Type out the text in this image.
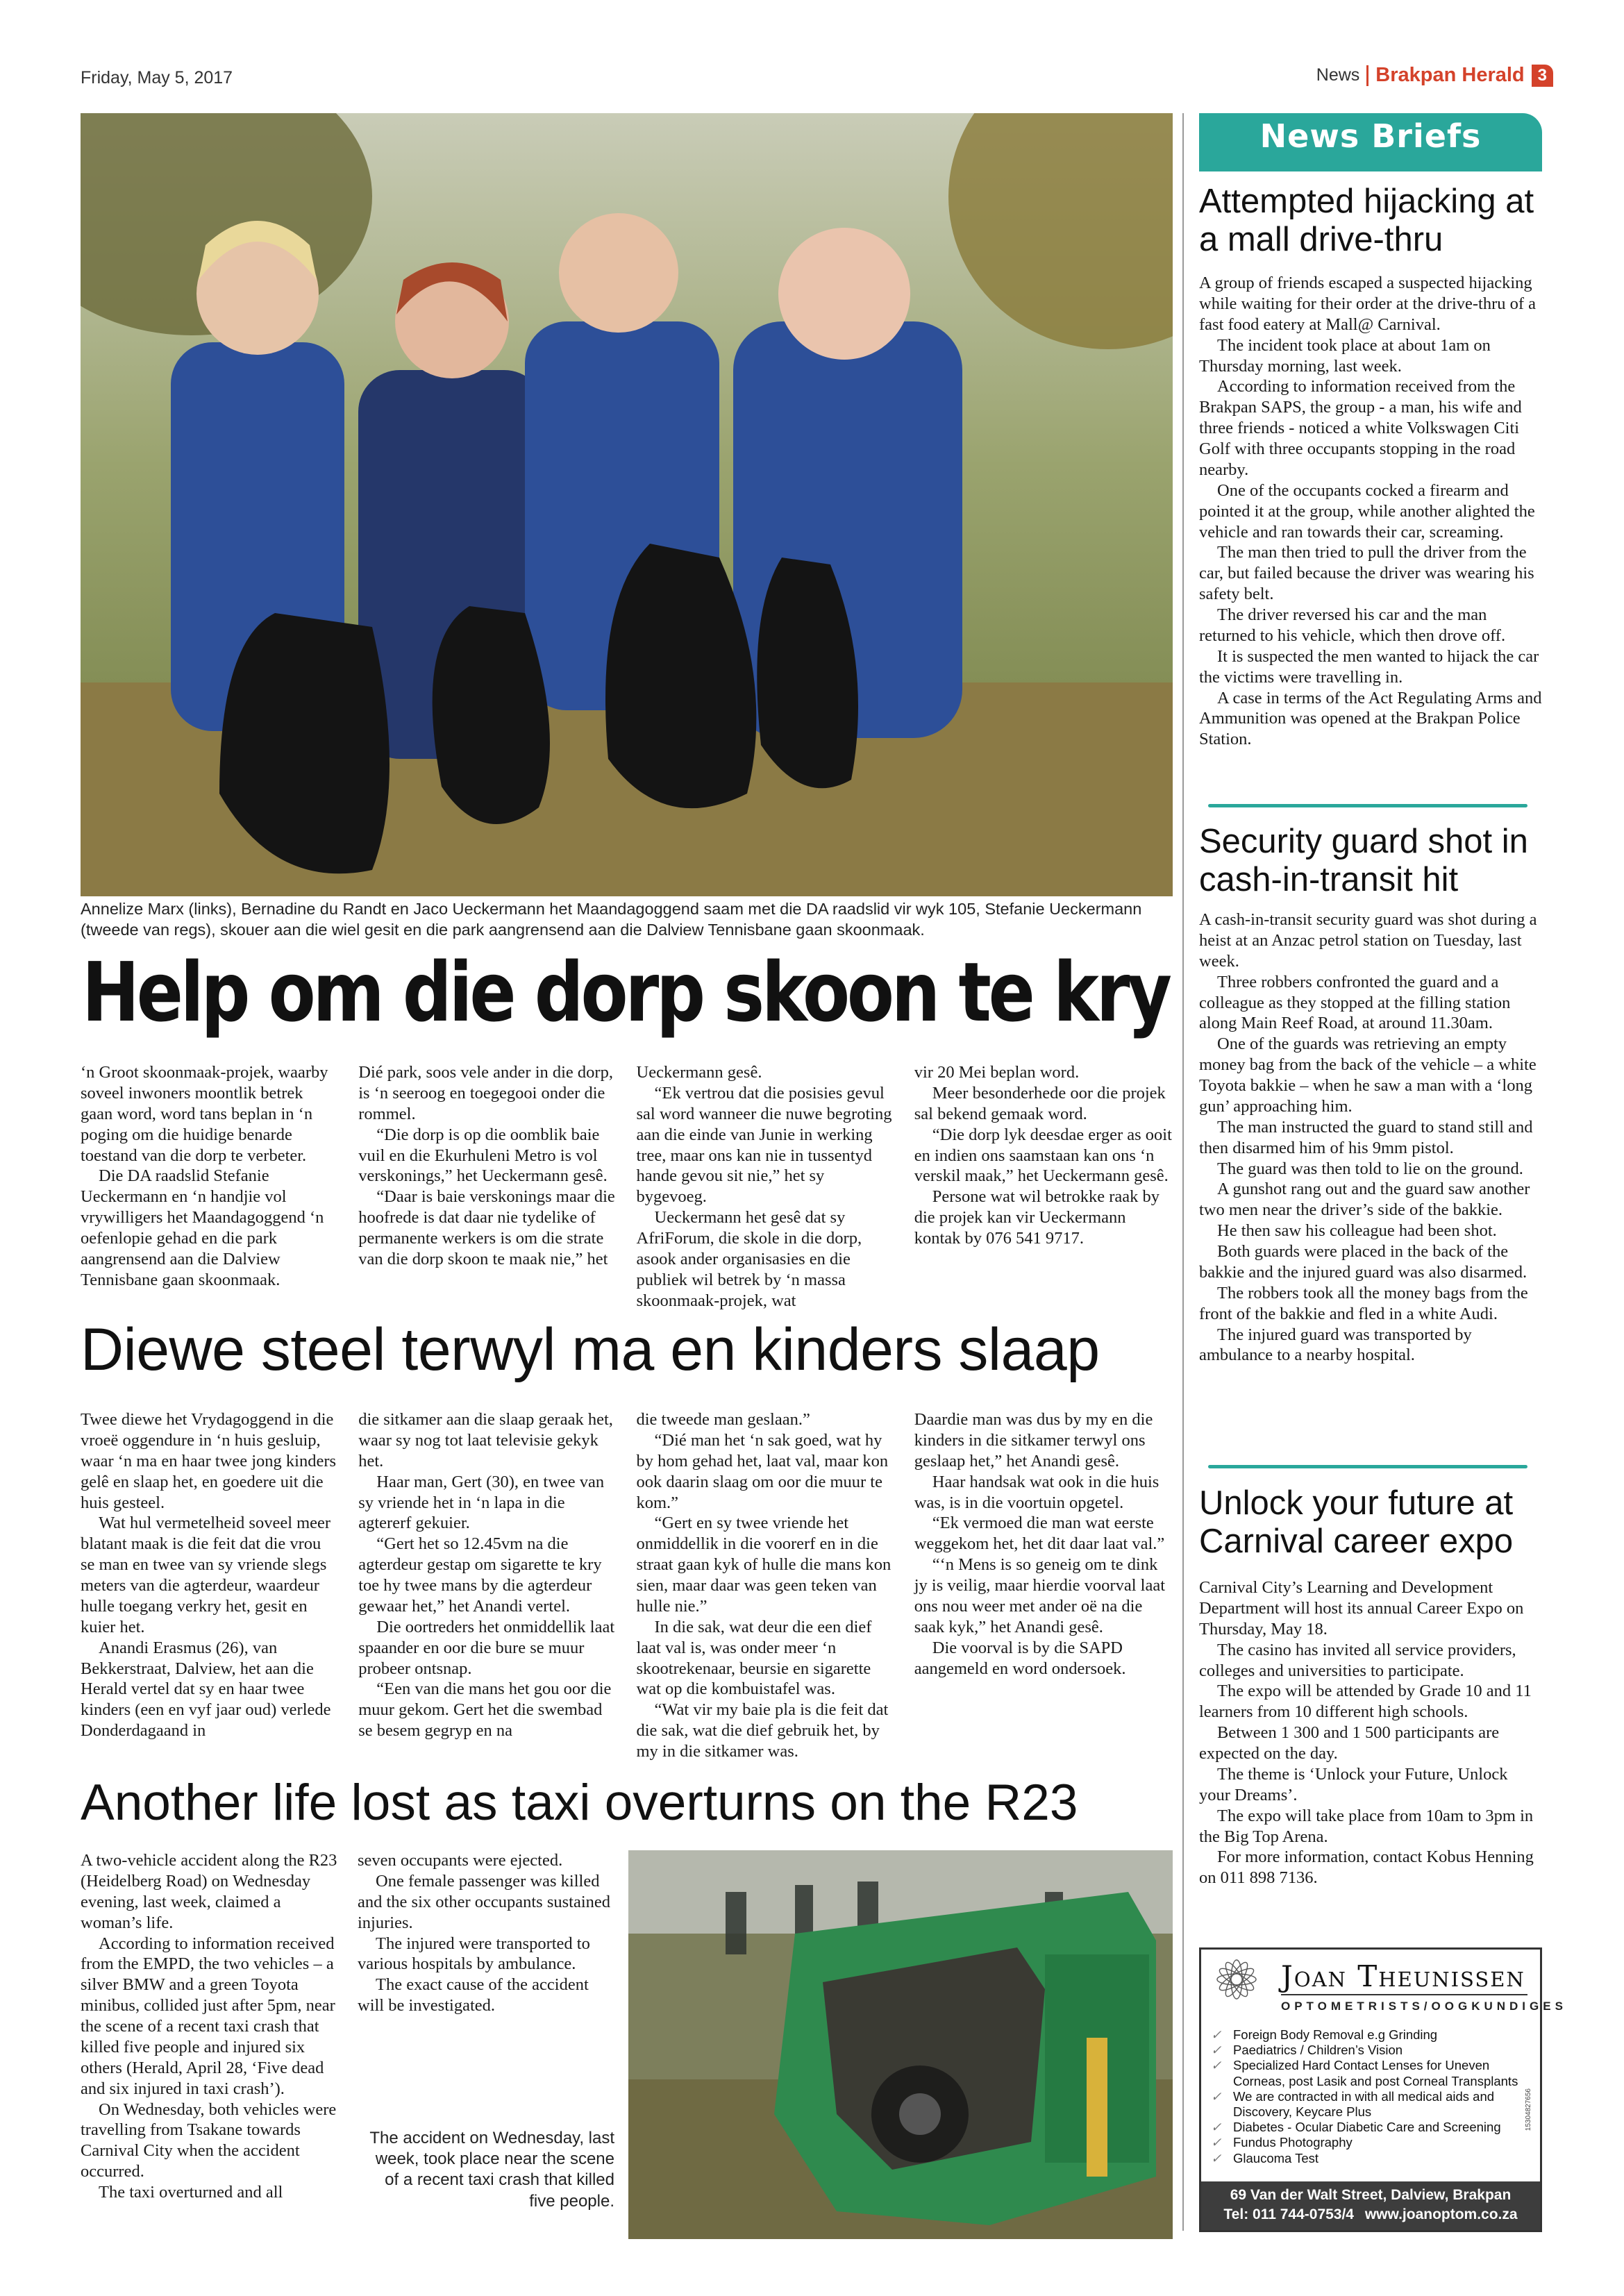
Friday, May 5, 2017	News Brakpan Herald 3
Annelize Marx (links), Bernadine du Randt en Jaco Ueckermann het Maandagoggend saam met die DA raadslid vir wyk 105, Stefanie Ueckermann (tweede van regs), skouer aan die wiel gesit en die park aangrensend aan die Dalview Tennisbane gaan skoonmaak.
Help om die dorp skoon te kry

‘n Groot skoonmaak-projek, waarby soveel inwoners moontlik betrek gaan word, word tans beplan in ‘n poging om die huidige benarde toestand van die dorp te verbeter.

Die DA raadslid Stefanie Ueckermann en ‘n handjie vol vrywilligers het Maandagoggend ‘n oefenlopie gehad en die park aangrensend aan die Dalview Tennisbane gaan skoonmaak.

Dié park, soos vele ander in die dorp, is ‘n seeroog en toegegooi onder die rommel.

“Die dorp is op die oomblik baie vuil en die Ekurhuleni Metro is vol verskonings,” het Ueckermann gesê.

“Daar is baie verskonings maar die hoofrede is dat daar nie tydelike of permanente werkers is om die strate van die dorp skoon te maak nie,” het

Ueckermann gesê.

“Ek vertrou dat die posisies gevul sal word wanneer die nuwe begroting aan die einde van Junie in werking tree, maar ons kan nie in tussentyd hande gevou sit nie,” het sy bygevoeg.

Ueckermann het gesê dat sy AfriForum, die skole in die dorp, asook ander organisasies en die publiek wil betrek by ‘n massa skoonmaak-projek, wat

vir 20 Mei beplan word.

Meer besonderhede oor die projek sal bekend gemaak word.

“Die dorp lyk deesdae erger as ooit en indien ons saamstaan kan ons ‘n verskil maak,” het Ueckermann gesê.

Persone wat wil betrokke raak by die projek kan vir Ueckermann kontak by 076 541 9717.

Diewe steel terwyl ma en kinders slaap

Twee diewe het Vrydagoggend in die vroeë oggendure in ‘n huis gesluip, waar ‘n ma en haar twee jong kinders gelê en slaap het, en goedere uit die huis gesteel.

Wat hul vermetelheid soveel meer blatant maak is die feit dat die vrou se man en twee van sy vriende slegs meters van die agterdeur, waardeur hulle toegang verkry het, gesit en kuier het.

Anandi Erasmus (26), van Bekkerstraat, Dalview, het aan die Herald vertel dat sy en haar twee kinders (een en vyf jaar oud) verlede Donderdagaand in

die sitkamer aan die slaap geraak het, waar sy nog tot laat televisie gekyk het.

Haar man, Gert (30), en twee van sy vriende het in ‘n lapa in die agtererf gekuier.

“Gert het so 12.45vm na die agterdeur gestap om sigarette te kry toe hy twee mans by die agterdeur gewaar het,” het Anandi vertel.

Die oortreders het onmiddellik laat spaander en oor die bure se muur probeer ontsnap.

“Een van die mans het gou oor die muur gekom. Gert het die swembad se besem gegryp en na

die tweede man geslaan.”

“Dié man het ‘n sak goed, wat hy by hom gehad het, laat val, maar kon ook daarin slaag om oor die muur te kom.”

“Gert en sy twee vriende het onmiddellik in die voorerf en in die straat gaan kyk of hulle die mans kon sien, maar daar was geen teken van hulle nie.”

In die sak, wat deur die een dief laat val is, was onder meer ‘n skootrekenaar, beursie en sigarette wat op die kombuistafel was.

“Wat vir my baie pla is die feit dat die sak, wat die dief gebruik het, by my in die sitkamer was.

Daardie man was dus by my en die kinders in die sitkamer terwyl ons geslaap het,” het Anandi gesê.

Haar handsak wat ook in die huis was, is in die voortuin opgetel.

“Ek vermoed die man wat eerste weggekom het, het dit daar laat val.”

“‘n Mens is so geneig om te dink jy is veilig, maar hierdie voorval laat ons nou weer met ander oë na die saak kyk,” het Anandi gesê.

Die voorval is by die SAPD aangemeld en word ondersoek.

Another life lost as taxi overturns on the R23

A two-vehicle accident along the R23 (Heidelberg Road) on Wednesday evening, last week, claimed a woman’s life.

According to information received from the EMPD, the two vehicles – a silver BMW and a green Toyota minibus, collided just after 5pm, near the scene of a recent taxi crash that killed five people and injured six others (Herald, April 28, ‘Five dead and six injured in taxi crash’).

On Wednesday, both vehicles were travelling from Tsakane towards Carnival City when the accident occurred.

The taxi overturned and all

seven occupants were ejected.

One female passenger was killed and the six other occupants sustained injuries.

The injured were transported to various hospitals by ambulance.

The exact cause of the accident will be investigated.

The accident on Wednesday, last week, took place near the scene of a recent taxi crash that killed five people.
News Briefs
Attempted hijacking at a mall drive-thru

A group of friends escaped a suspected hijacking while waiting for their order at the drive-thru of a fast food eatery at Mall@ Carnival.

The incident took place at about 1am on Thursday morning, last week.

According to information received from the Brakpan SAPS, the group - a man, his wife and three friends - noticed a white Volkswagen Citi Golf with three occupants stopping in the road nearby.

One of the occupants cocked a firearm and pointed it at the group, while another alighted the vehicle and ran towards their car, screaming.

The man then tried to pull the driver from the car, but failed because the driver was wearing his safety belt.

The driver reversed his car and the man returned to his vehicle, which then drove off.

It is suspected the men wanted to hijack the car the victims were travelling in.

A case in terms of the Act Regulating Arms and Ammunition was opened at the Brakpan Police Station.

Security guard shot in cash-in-transit hit

A cash-in-transit security guard was shot during a heist at an Anzac petrol station on Tuesday, last week.

Three robbers confronted the guard and a colleague as they stopped at the filling station along Main Reef Road, at around 11.30am.

One of the guards was retrieving an empty money bag from the back of the vehicle – a white Toyota bakkie – when he saw a man with a ‘long gun’ approaching him.

The man instructed the guard to stand still and then disarmed him of his 9mm pistol.

The guard was then told to lie on the ground.

A gunshot rang out and the guard saw another two men near the driver’s side of the bakkie.

He then saw his colleague had been shot.

Both guards were placed in the back of the bakkie and the injured guard was also disarmed.

The robbers took all the money bags from the front of the bakkie and fled in a white Audi.

The injured guard was transported by ambulance to a nearby hospital.

Unlock your future at Carnival career expo

Carnival City’s Learning and Development Department will host its annual Career Expo on Thursday, May 18.

The casino has invited all service providers, colleges and universities to participate.

The expo will be attended by Grade 10 and 11 learners from 10 different high schools.

Between 1 300 and 1 500 participants are expected on the day.

The theme is ‘Unlock your Future, Unlock your Dreams’.

The expo will take place from 10am to 3pm in the Big Top Arena.

For more information, contact Kobus Henning on 011 898 7136.

Joan Theunissen
OPTOMETRISTS/OOGKUNDIGES
✓ Foreign Body Removal e.g Grinding
✓ Paediatrics / Children’s Vision
✓ Specialized Hard Contact Lenses for Uneven Corneas, post Lasik and post Corneal Transplants
✓ We are contracted in with all medical aids and Discovery, Keycare Plus
✓ Diabetes - Ocular Diabetic Care and Screening
✓ Fundus Photography
✓ Glaucoma Test
15304827656
69 Van der Walt Street, Dalview, Brakpan
Tel: 011 744-0753/4 www.joanoptom.co.za
